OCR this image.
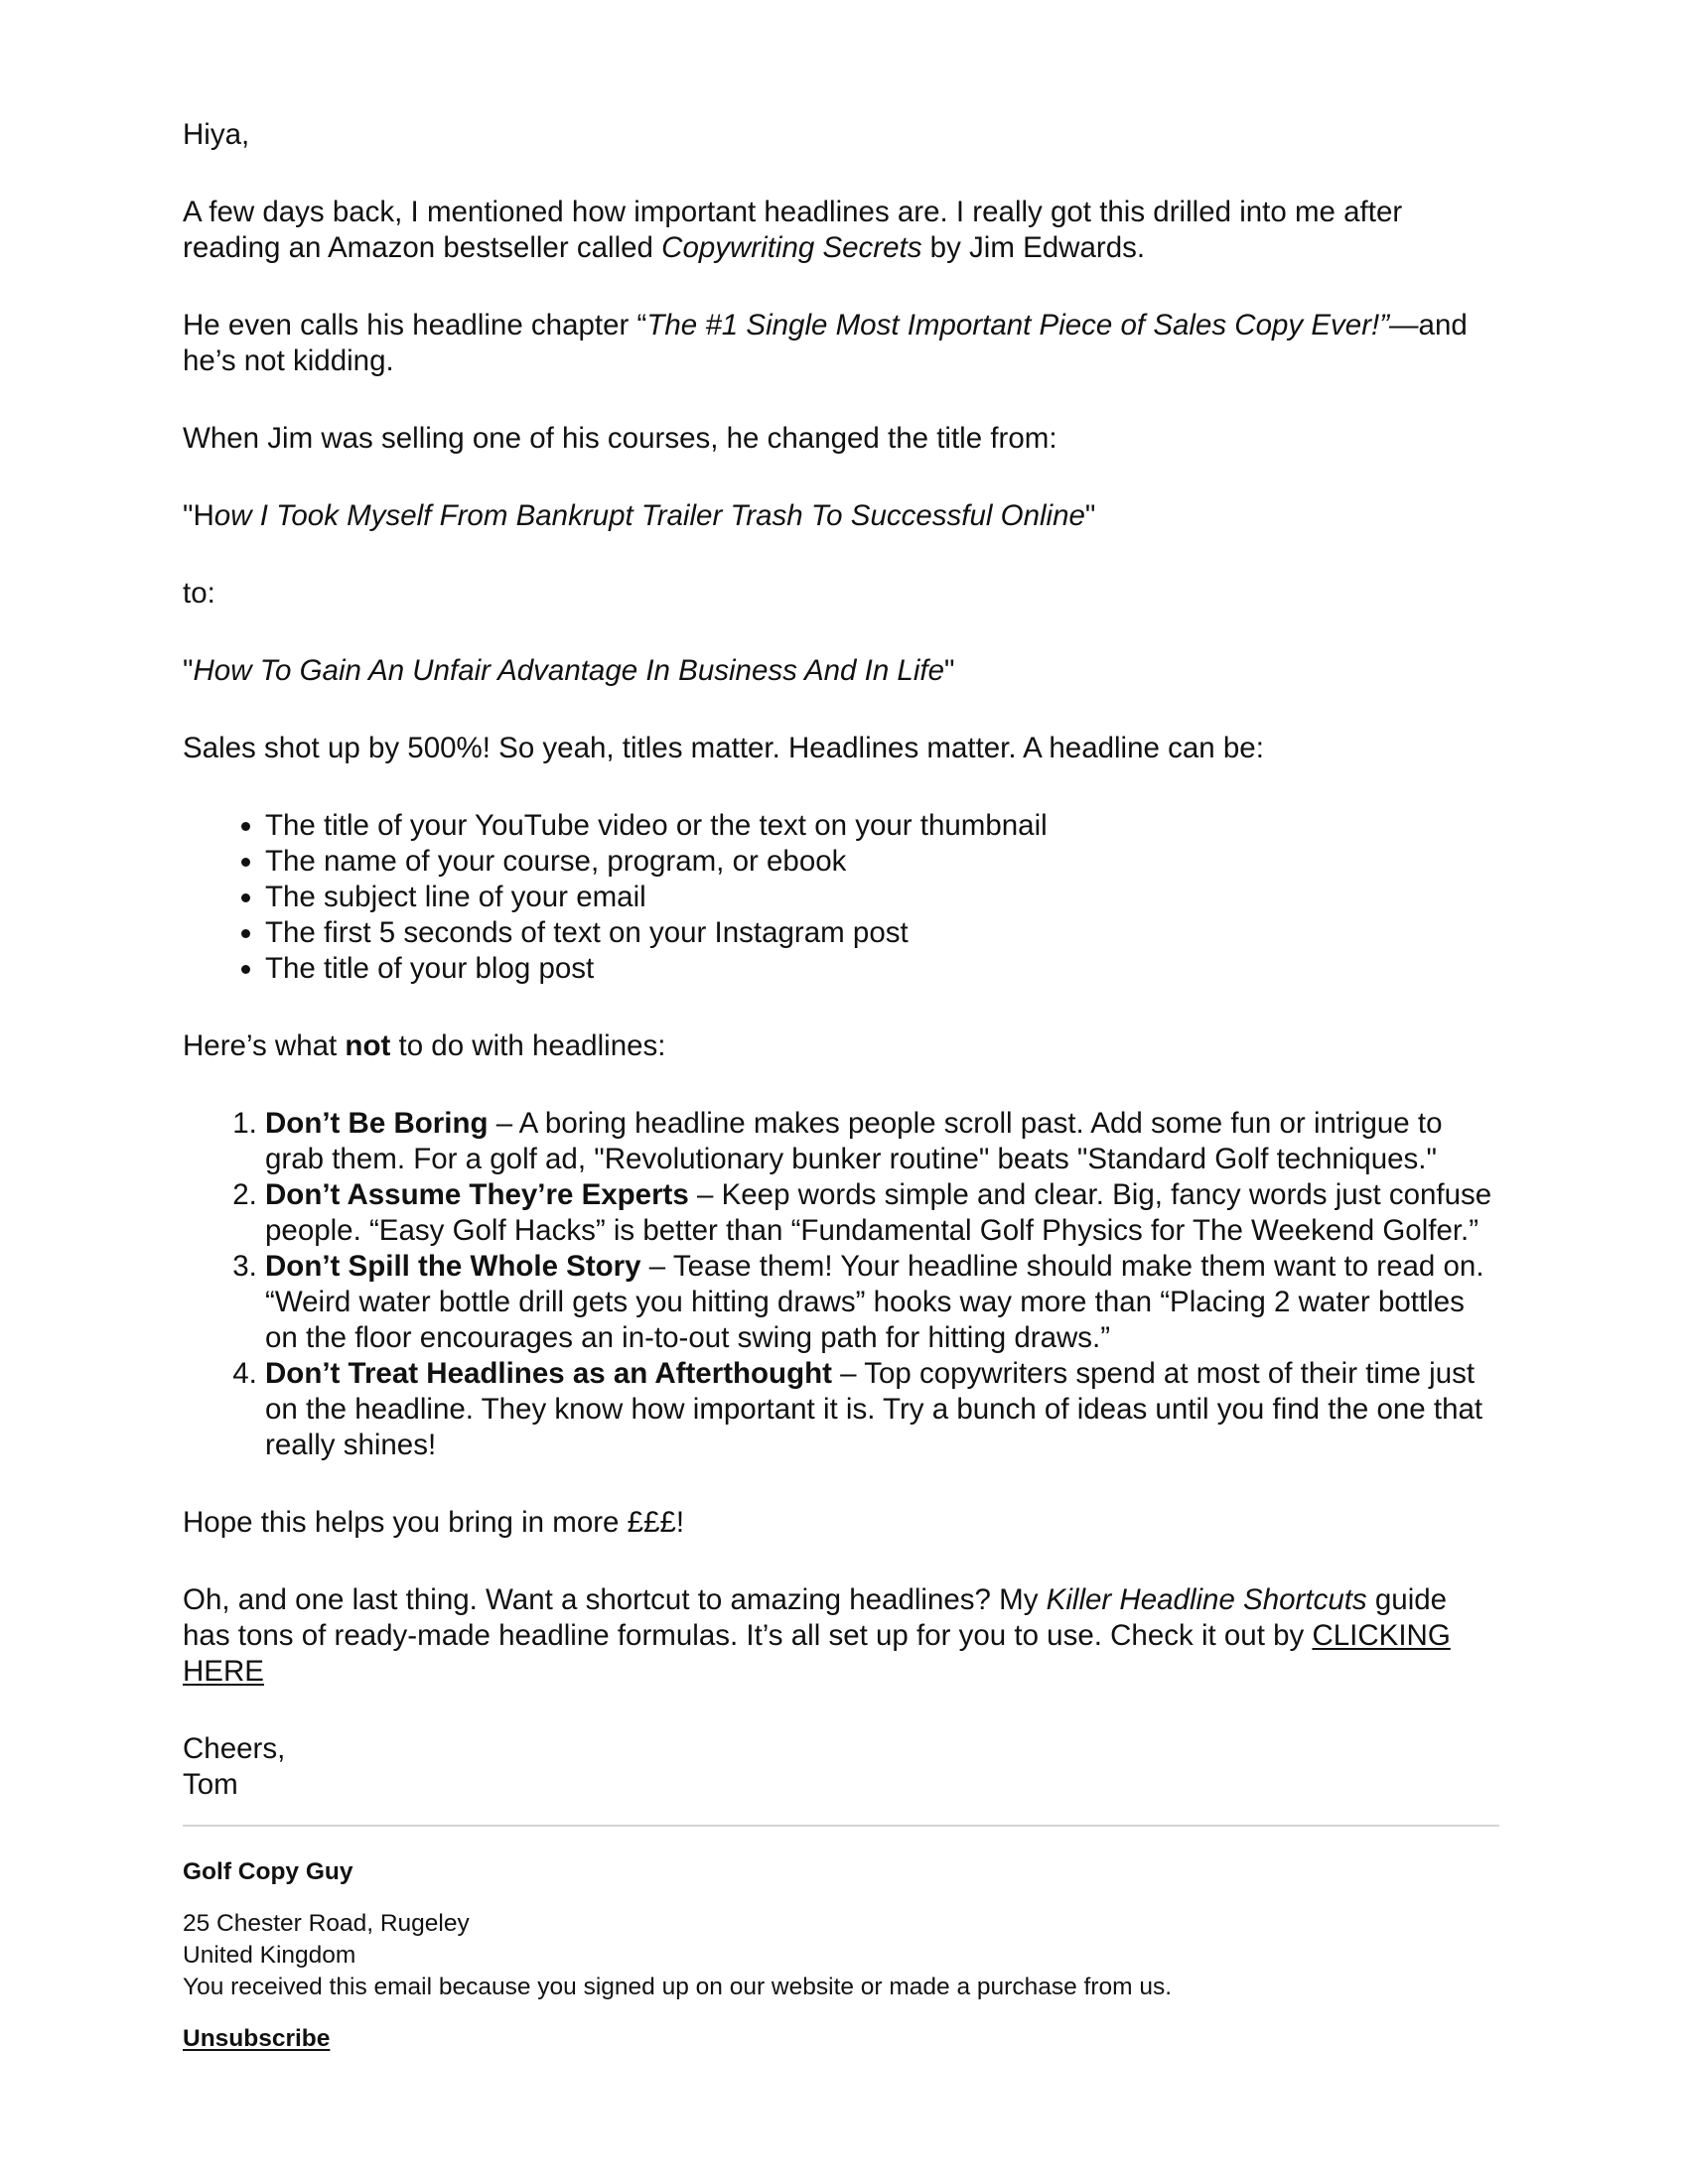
Hiya,

A few days back, I mentioned how important headlines are. I really got this drilled into me after reading an Amazon bestseller called Copywriting Secrets by Jim Edwards.

He even calls his headline chapter “The #1 Single Most Important Piece of Sales Copy Ever!”—and he’s not kidding.

When Jim was selling one of his courses, he changed the title from:

"How I Took Myself From Bankrupt Trailer Trash To Successful Online"

to:

"How To Gain An Unfair Advantage In Business And In Life"

Sales shot up by 500%! So yeah, titles matter. Headlines matter. A headline can be:

• The title of your YouTube video or the text on your thumbnail
• The name of your course, program, or ebook
• The subject line of your email
• The first 5 seconds of text on your Instagram post
• The title of your blog post

Here’s what not to do with headlines:

1. Don’t Be Boring – A boring headline makes people scroll past. Add some fun or intrigue to grab them. For a golf ad, "Revolutionary bunker routine" beats "Standard Golf techniques."
2. Don’t Assume They’re Experts – Keep words simple and clear. Big, fancy words just confuse people. “Easy Golf Hacks” is better than “Fundamental Golf Physics for The Weekend Golfer.”
3. Don’t Spill the Whole Story – Tease them! Your headline should make them want to read on. “Weird water bottle drill gets you hitting draws” hooks way more than “Placing 2 water bottles on the floor encourages an in-to-out swing path for hitting draws.”
4. Don’t Treat Headlines as an Afterthought – Top copywriters spend at most of their time just on the headline. They know how important it is. Try a bunch of ideas until you find the one that really shines!

Hope this helps you bring in more £££!

Oh, and one last thing. Want a shortcut to amazing headlines? My Killer Headline Shortcuts guide has tons of ready-made headline formulas. It’s all set up for you to use. Check it out by CLICKING HERE

Cheers,
Tom

Golf Copy Guy
25 Chester Road, Rugeley
United Kingdom
You received this email because you signed up on our website or made a purchase from us.
Unsubscribe
